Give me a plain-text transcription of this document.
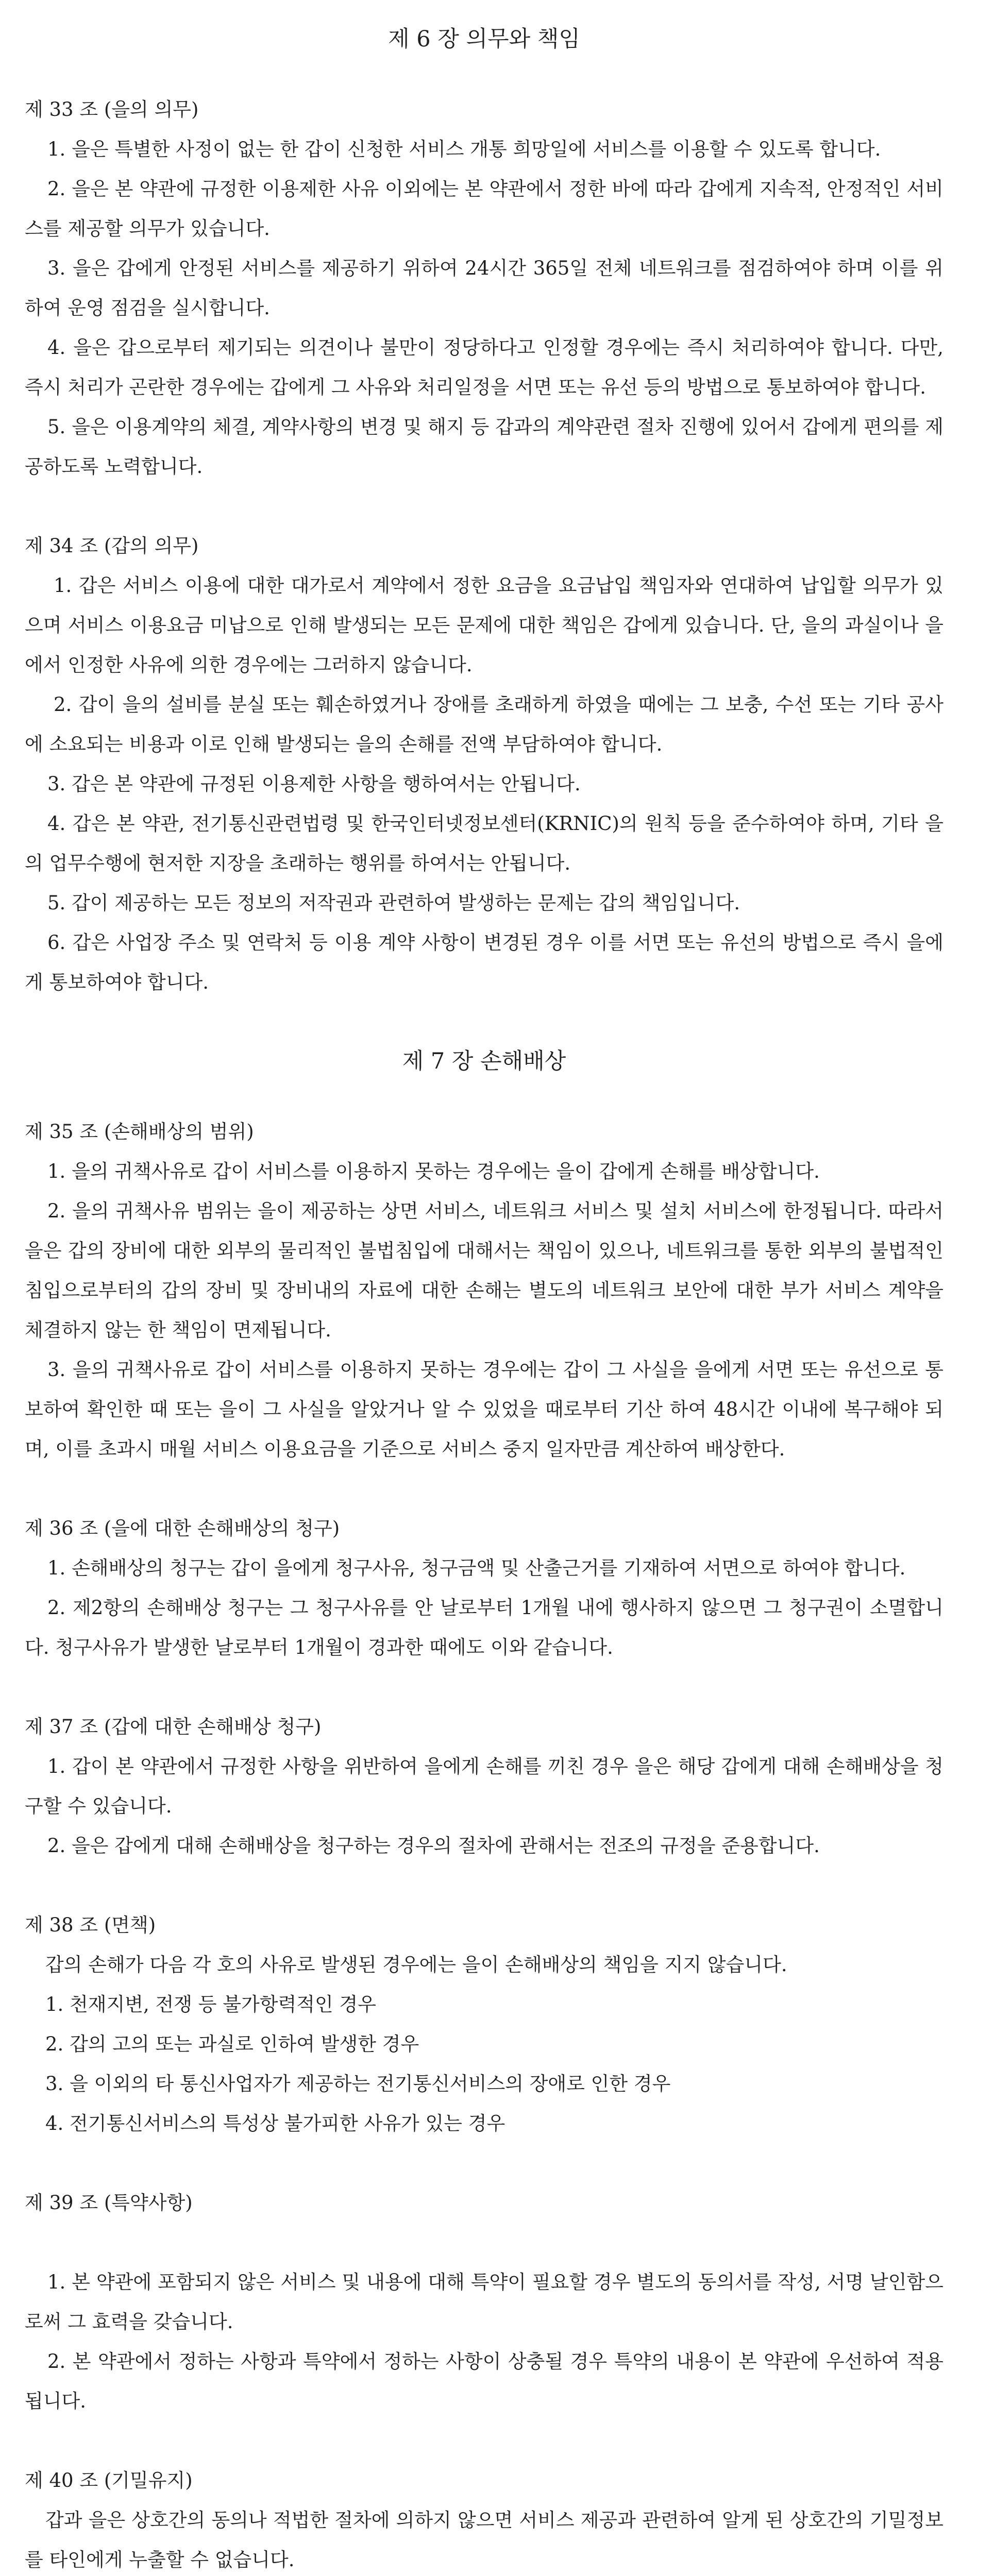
제 6 장 의무와 책임

제 33 조 (을의 의무)

1. 을은 특별한 사정이 없는 한 갑이 신청한 서비스 개통 희망일에 서비스를 이용할 수 있도록 합니다.

2. 을은 본 약관에 규정한 이용제한 사유 이외에는 본 약관에서 정한 바에 따라 갑에게 지속적, 안정적인 서비스를 제공할 의무가 있습니다.

3. 을은 갑에게 안정된 서비스를 제공하기 위하여 24시간 365일 전체 네트워크를 점검하여야 하며 이를 위하여 운영 점검을 실시합니다.

4. 을은 갑으로부터 제기되는 의견이나 불만이 정당하다고 인정할 경우에는 즉시 처리하여야 합니다. 다만, 즉시 처리가 곤란한 경우에는 갑에게 그 사유와 처리일정을 서면 또는 유선 등의 방법으로 통보하여야 합니다.

5. 을은 이용계약의 체결, 계약사항의 변경 및 해지 등 갑과의 계약관련 절차 진행에 있어서 갑에게 편의를 제공하도록 노력합니다.

제 34 조 (갑의 의무)

1. 갑은 서비스 이용에 대한 대가로서 계약에서 정한 요금을 요금납입 책임자와 연대하여 납입할 의무가 있으며 서비스 이용요금 미납으로 인해 발생되는 모든 문제에 대한 책임은 갑에게 있습니다. 단, 을의 과실이나 을에서 인정한 사유에 의한 경우에는 그러하지 않습니다.

2. 갑이 을의 설비를 분실 또는 훼손하였거나 장애를 초래하게 하였을 때에는 그 보충, 수선 또는 기타 공사에 소요되는 비용과 이로 인해 발생되는 을의 손해를 전액 부담하여야 합니다.

3. 갑은 본 약관에 규정된 이용제한 사항을 행하여서는 안됩니다.

4. 갑은 본 약관, 전기통신관련법령 및 한국인터넷정보센터(KRNIC)의 원칙 등을 준수하여야 하며, 기타 을의 업무수행에 현저한 지장을 초래하는 행위를 하여서는 안됩니다.

5. 갑이 제공하는 모든 정보의 저작권과 관련하여 발생하는 문제는 갑의 책임입니다.

6. 갑은 사업장 주소 및 연락처 등 이용 계약 사항이 변경된 경우 이를 서면 또는 유선의 방법으로 즉시 을에게 통보하여야 합니다.

제 7 장 손해배상

제 35 조 (손해배상의 범위)

1. 을의 귀책사유로 갑이 서비스를 이용하지 못하는 경우에는 을이 갑에게 손해를 배상합니다.

2. 을의 귀책사유 범위는 을이 제공하는 상면 서비스, 네트워크 서비스 및 설치 서비스에 한정됩니다. 따라서 을은 갑의 장비에 대한 외부의 물리적인 불법침입에 대해서는 책임이 있으나, 네트워크를 통한 외부의 불법적인 침입으로부터의 갑의 장비 및 장비내의 자료에 대한 손해는 별도의 네트워크 보안에 대한 부가 서비스 계약을 체결하지 않는 한 책임이 면제됩니다.

3. 을의 귀책사유로 갑이 서비스를 이용하지 못하는 경우에는 갑이 그 사실을 을에게 서면 또는 유선으로 통보하여 확인한 때 또는 을이 그 사실을 알았거나 알 수 있었을 때로부터 기산 하여 48시간 이내에 복구해야 되며, 이를 초과시 매월 서비스 이용요금을 기준으로 서비스 중지 일자만큼 계산하여 배상한다.

제 36 조 (을에 대한 손해배상의 청구)

1. 손해배상의 청구는 갑이 을에게 청구사유, 청구금액 및 산출근거를 기재하여 서면으로 하여야 합니다.

2. 제2항의 손해배상 청구는 그 청구사유를 안 날로부터 1개월 내에 행사하지 않으면 그 청구권이 소멸합니다. 청구사유가 발생한 날로부터 1개월이 경과한 때에도 이와 같습니다.

제 37 조 (갑에 대한 손해배상 청구)

1. 갑이 본 약관에서 규정한 사항을 위반하여 을에게 손해를 끼친 경우 을은 해당 갑에게 대해 손해배상을 청구할 수 있습니다.

2. 을은 갑에게 대해 손해배상을 청구하는 경우의 절차에 관해서는 전조의 규정을 준용합니다.

제 38 조 (면책)

갑의 손해가 다음 각 호의 사유로 발생된 경우에는 을이 손해배상의 책임을 지지 않습니다.

1. 천재지변, 전쟁 등 불가항력적인 경우

2. 갑의 고의 또는 과실로 인하여 발생한 경우

3. 을 이외의 타 통신사업자가 제공하는 전기통신서비스의 장애로 인한 경우

4. 전기통신서비스의 특성상 불가피한 사유가 있는 경우

제 39 조 (특약사항)

1. 본 약관에 포함되지 않은 서비스 및 내용에 대해 특약이 필요할 경우 별도의 동의서를 작성, 서명 날인함으로써 그 효력을 갖습니다.

2. 본 약관에서 정하는 사항과 특약에서 정하는 사항이 상충될 경우 특약의 내용이 본 약관에 우선하여 적용됩니다.

제 40 조 (기밀유지)

갑과 을은 상호간의 동의나 적법한 절차에 의하지 않으면 서비스 제공과 관련하여 알게 된 상호간의 기밀정보를 타인에게 누출할 수 없습니다.
